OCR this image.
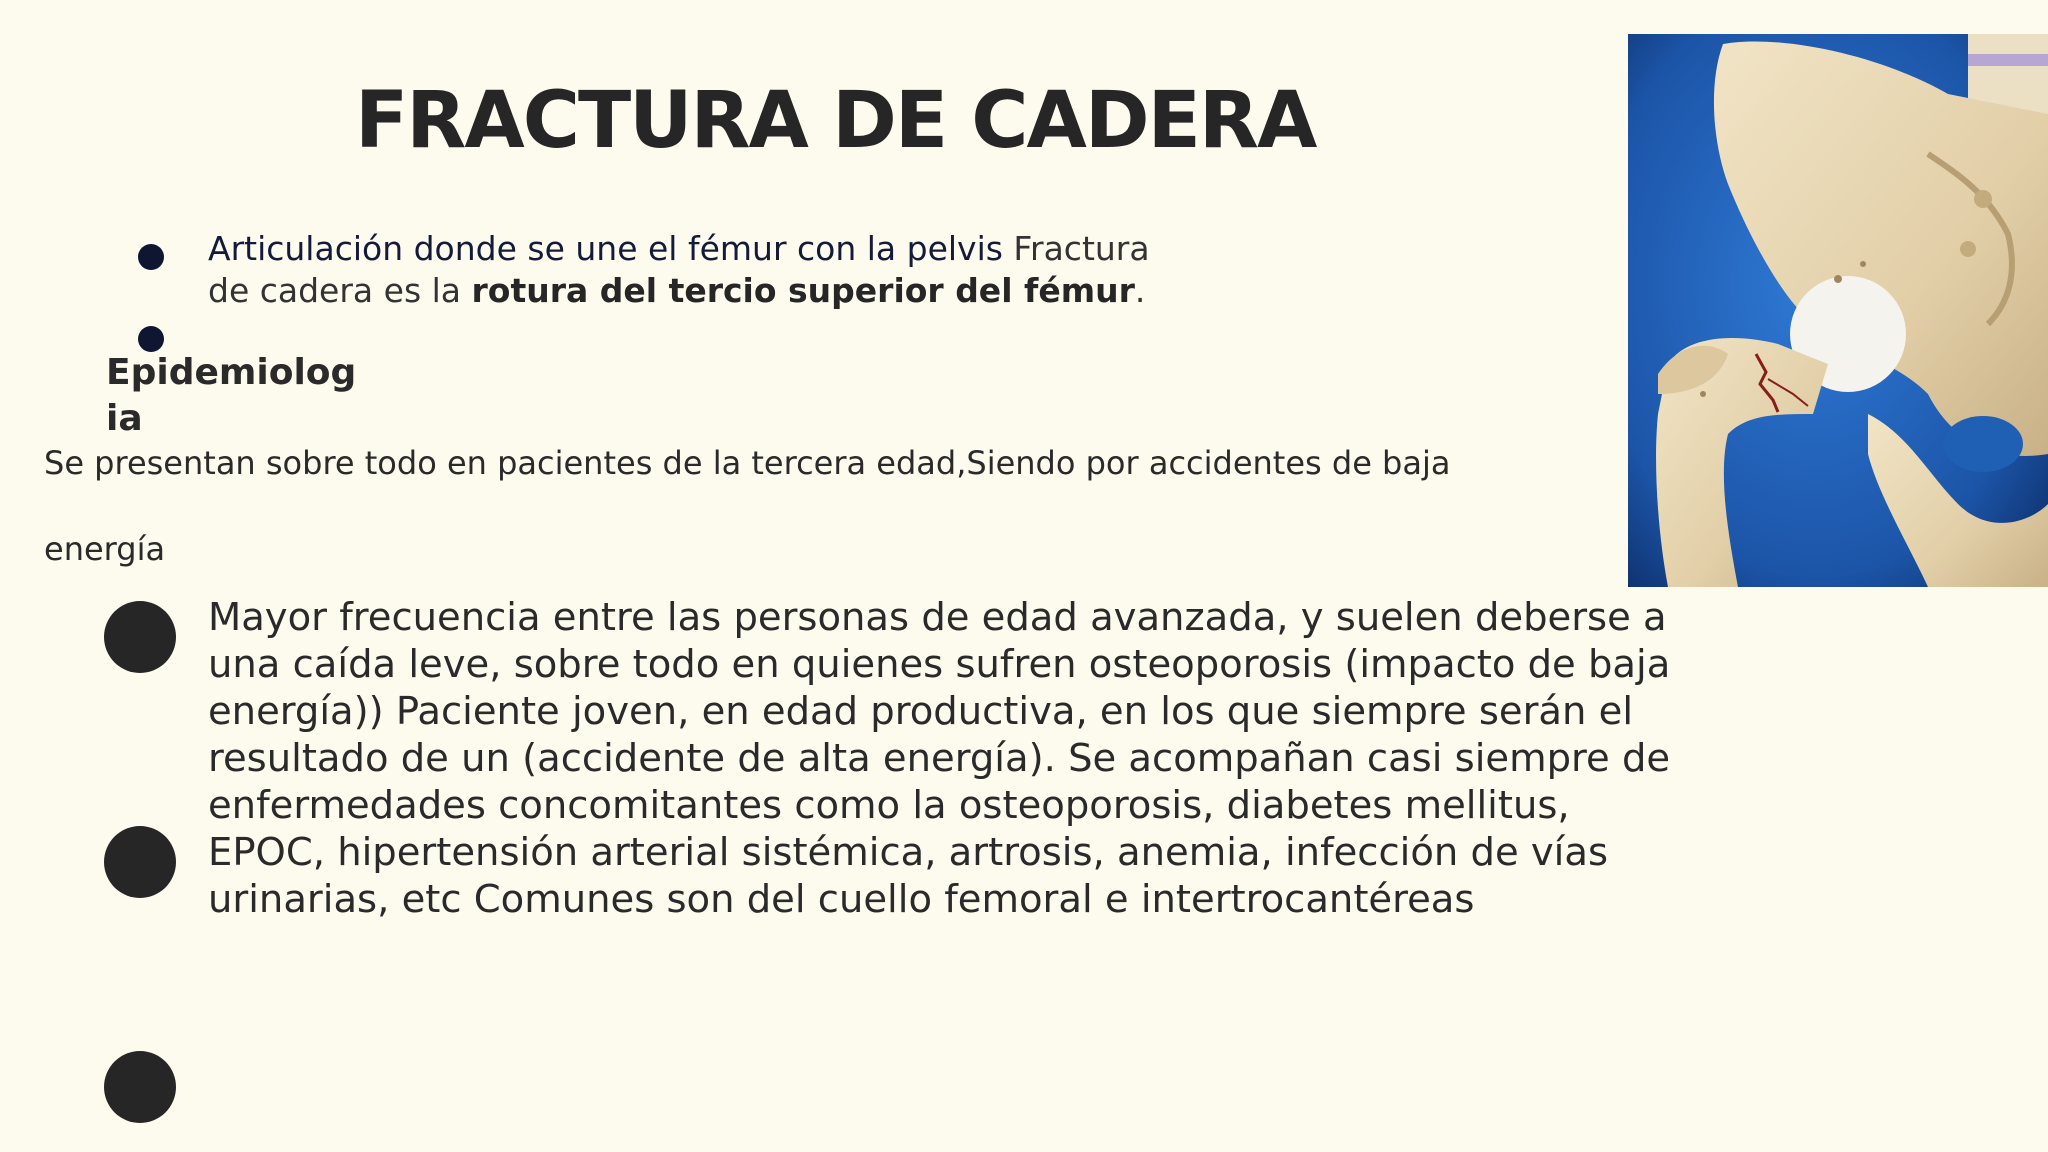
FRACTURA DE CADERA
Articulación donde se une el fémur con la pelvis Fractura de cadera es la rotura del tercio superior del fémur.
Epidemiologia
Se presentan sobre todo en pacientes de la tercera edad,Siendo por accidentes de baja
energía
Mayor frecuencia entre las personas de edad avanzada, y suelen deberse a una caída leve, sobre todo en quienes sufren osteoporosis (impacto de baja energía)) Paciente joven, en edad productiva, en los que siempre serán el resultado de un (accidente de alta energía). Se acompañan casi siempre de enfermedades concomitantes como la osteoporosis, diabetes mellitus, EPOC, hipertensión arterial sistémica, artrosis, anemia, infección de vías urinarias, etc Comunes son del cuello femoral e intertrocantéreas
